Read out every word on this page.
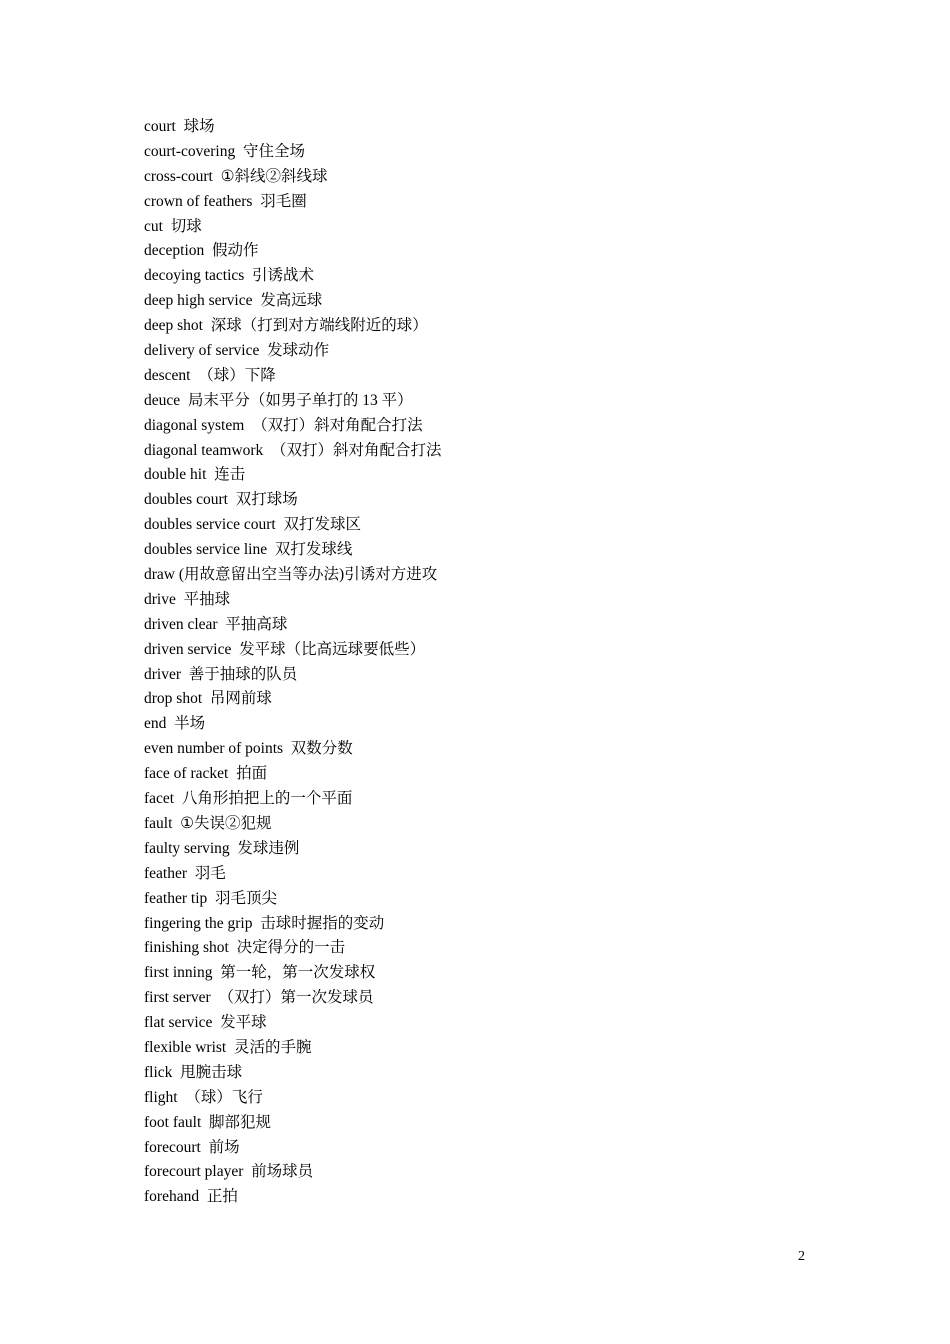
court 球场
court-covering 守住全场
cross-court ①斜线②斜线球
crown of feathers 羽毛圈
cut 切球
deception 假动作
decoying tactics 引诱战术
deep high service 发高远球
deep shot 深球（打到对方端线附近的球）
delivery of service 发球动作
descent （球）下降
deuce 局末平分（如男子单打的 13 平）
diagonal system （双打）斜对角配合打法
diagonal teamwork （双打）斜对角配合打法
double hit 连击
doubles court 双打球场
doubles service court 双打发球区
doubles service line 双打发球线
draw (用故意留出空当等办法)引诱对方进攻
drive 平抽球
driven clear 平抽高球
driven service 发平球（比高远球要低些）
driver 善于抽球的队员
drop shot 吊网前球
end 半场
even number of points 双数分数
face of racket 拍面
facet 八角形拍把上的一个平面
fault ①失误②犯规
faulty serving 发球违例
feather 羽毛
feather tip 羽毛顶尖
fingering the grip 击球时握指的变动
finishing shot 决定得分的一击
first inning 第一轮，第一次发球权
first server （双打）第一次发球员
flat service 发平球
flexible wrist 灵活的手腕
flick 甩腕击球
flight （球）飞行
foot fault 脚部犯规
forecourt 前场
forecourt player 前场球员
forehand 正拍
2
